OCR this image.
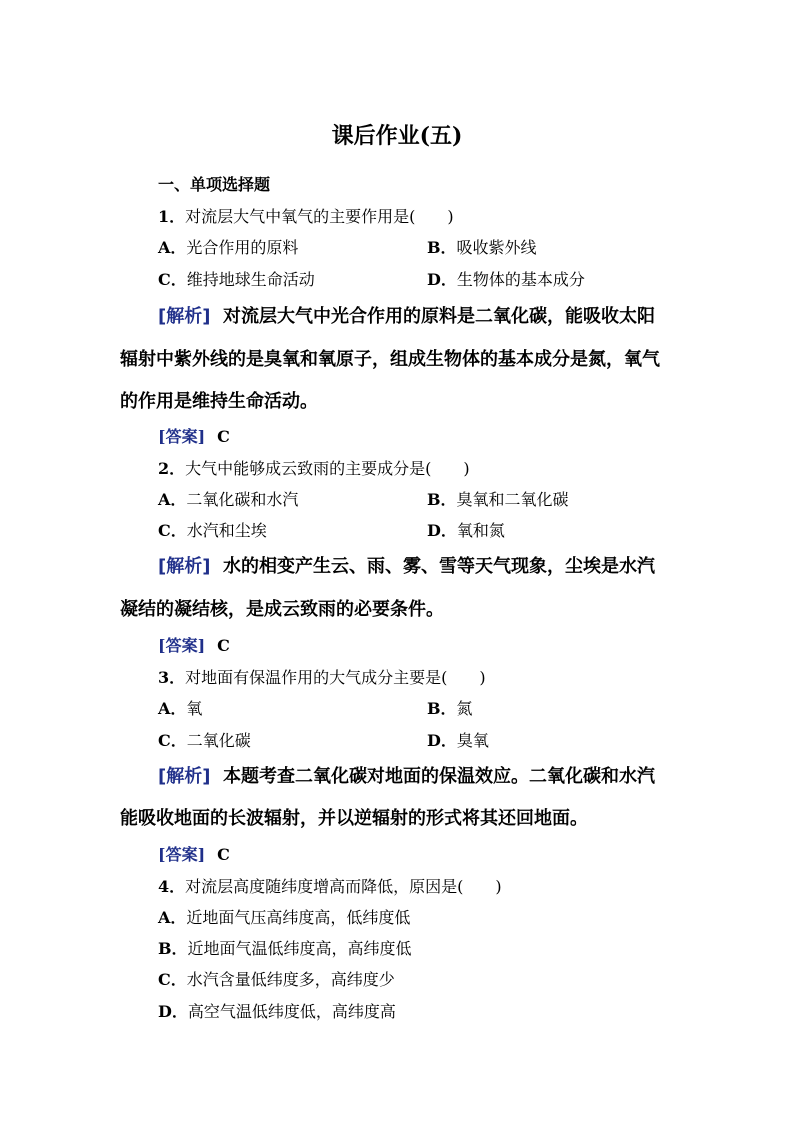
课后作业(五)
一、单项选择题
1．对流层大气中氧气的主要作用是(　　)
A．光合作用的原料	B．吸收紫外线
C．维持地球生命活动	D．生物体的基本成分
[解析] 对流层大气中光合作用的原料是二氧化碳，能吸收太阳
辐射中紫外线的是臭氧和氧原子，组成生物体的基本成分是氮，氧气
的作用是维持生命活动。
[答案] C
2．大气中能够成云致雨的主要成分是(　　)
A．二氧化碳和水汽	B．臭氧和二氧化碳
C．水汽和尘埃	D．氧和氮
[解析] 水的相变产生云、雨、雾、雪等天气现象，尘埃是水汽
凝结的凝结核，是成云致雨的必要条件。
[答案] C
3．对地面有保温作用的大气成分主要是(　　)
A．氧	B．氮
C．二氧化碳	D．臭氧
[解析] 本题考查二氧化碳对地面的保温效应。二氧化碳和水汽
能吸收地面的长波辐射，并以逆辐射的形式将其还回地面。
[答案] C
4．对流层高度随纬度增高而降低，原因是(　　)
A．近地面气压高纬度高，低纬度低
B．近地面气温低纬度高，高纬度低
C．水汽含量低纬度多，高纬度少
D．高空气温低纬度低，高纬度高
